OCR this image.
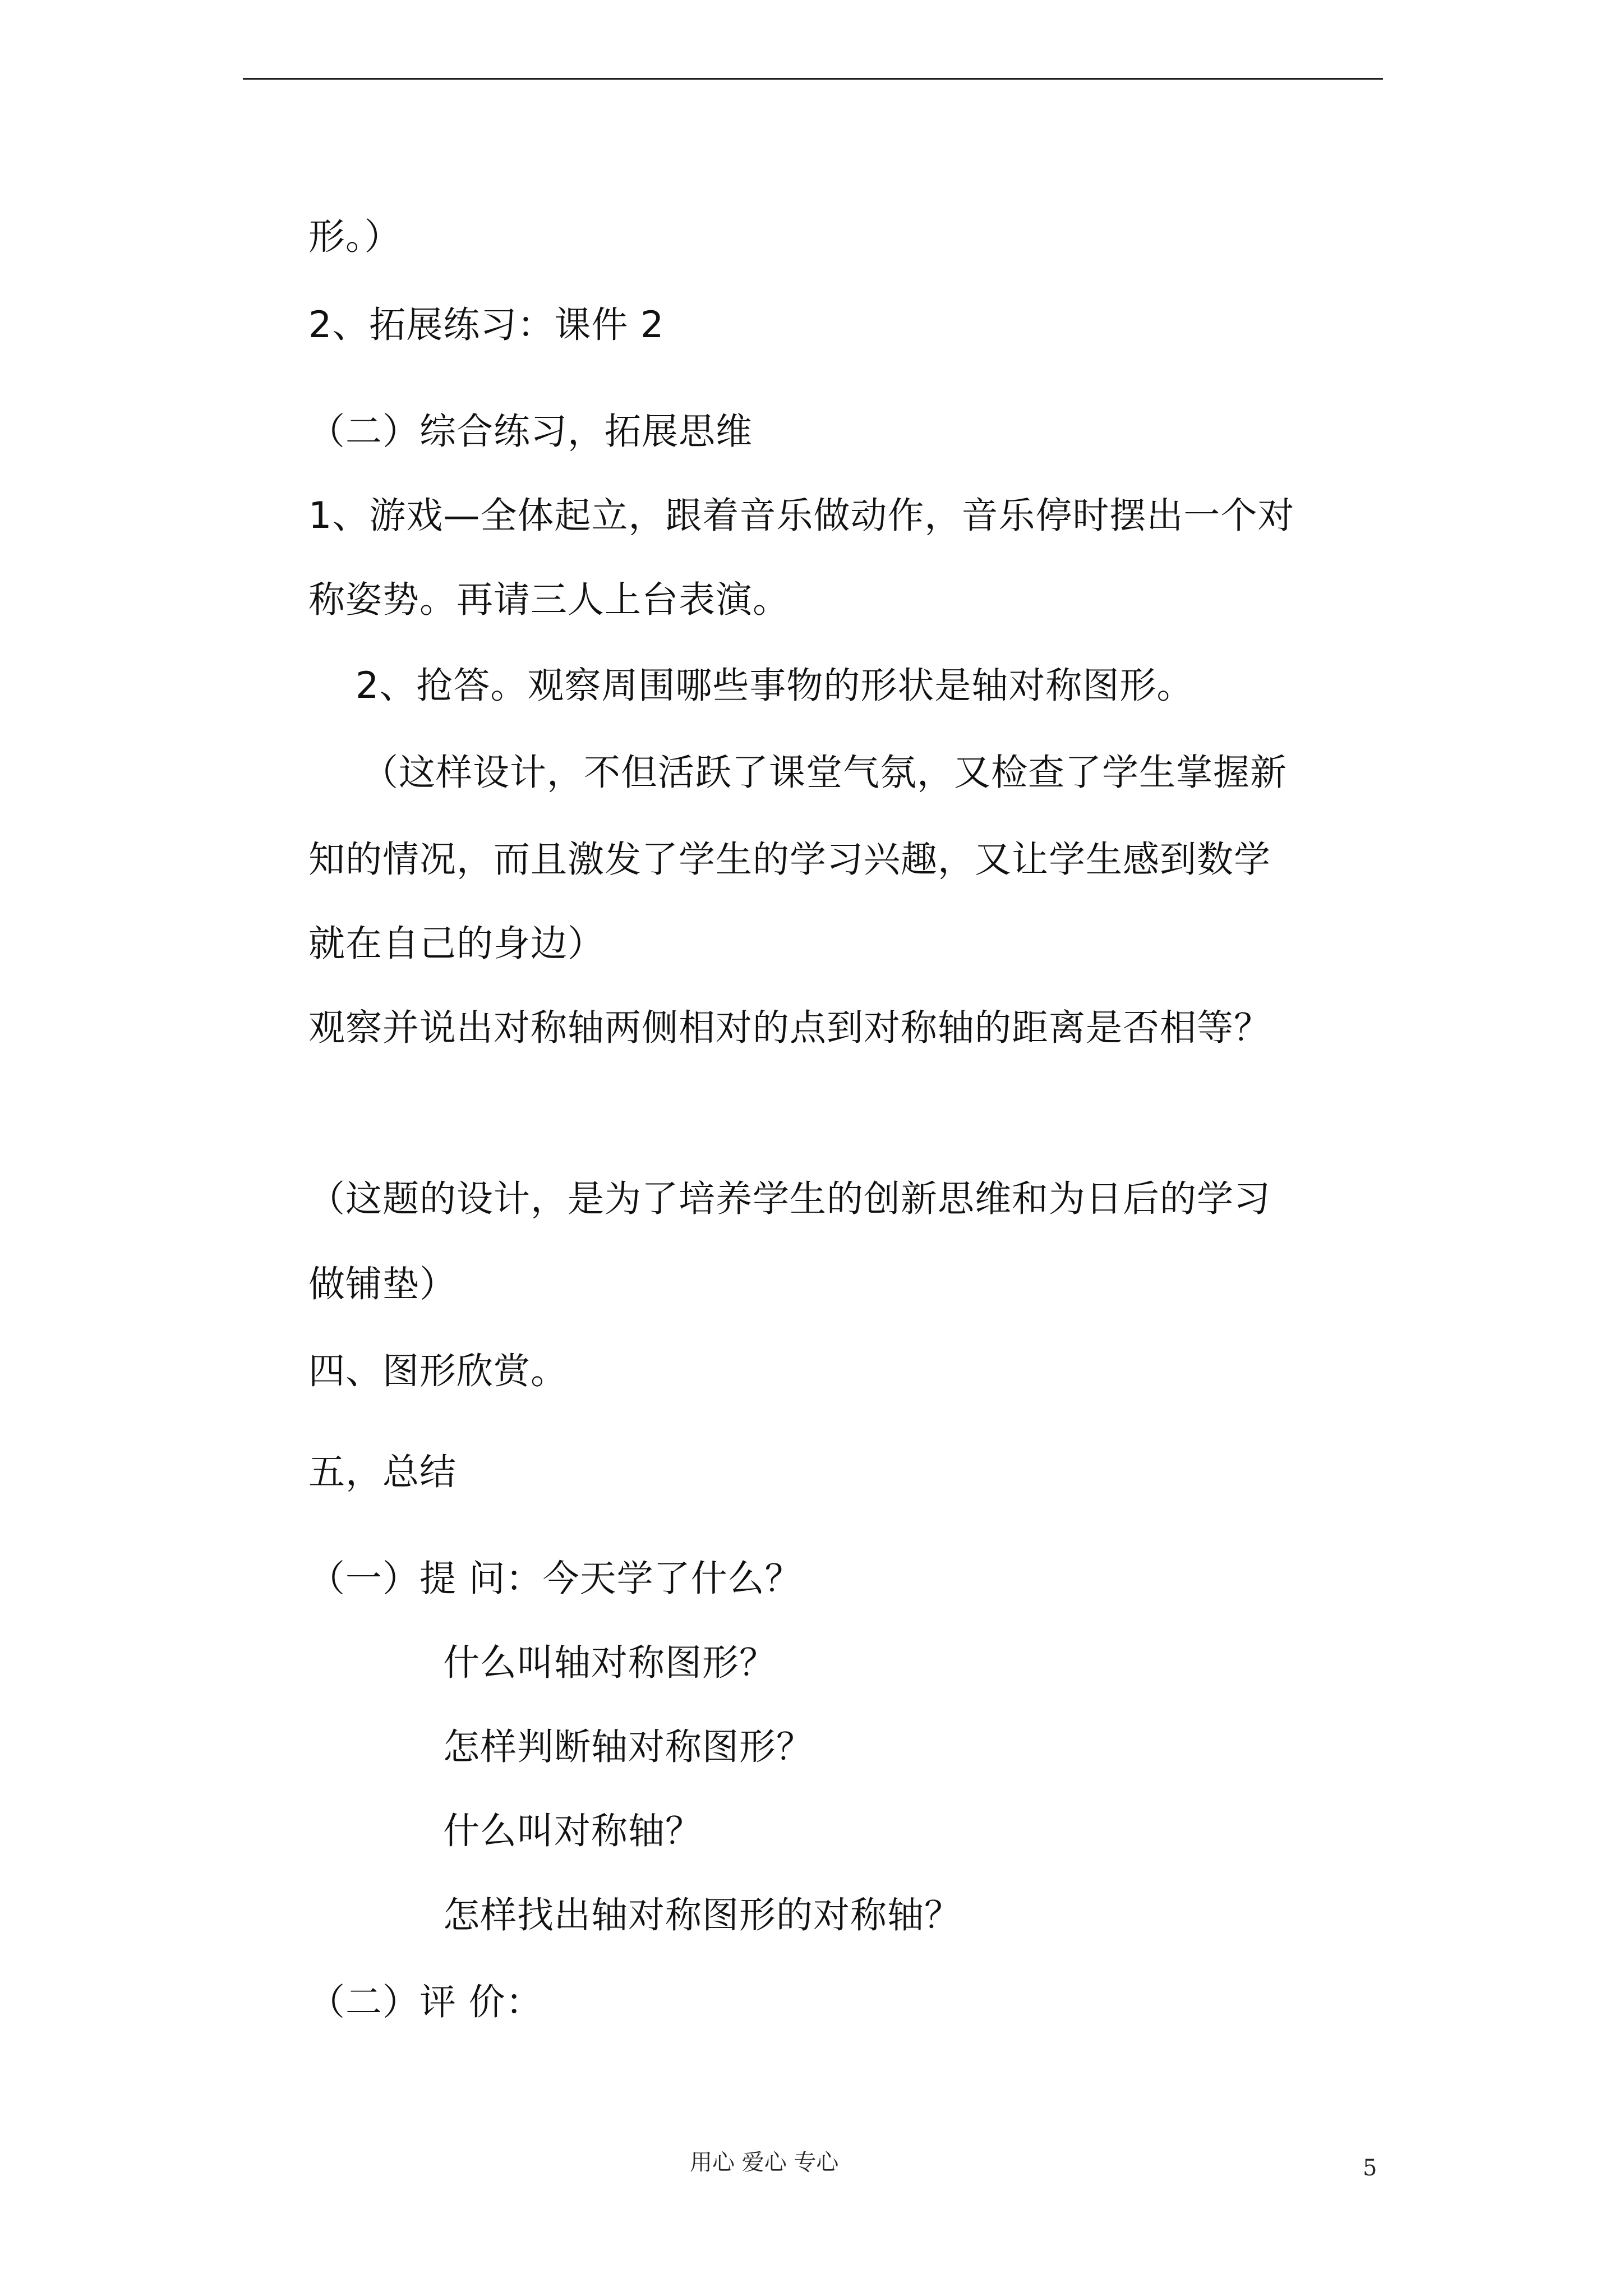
形。）
2、拓展练习：课件 2
（二）综合练习，拓展思维
1、游戏—全体起立，跟着音乐做动作，音乐停时摆出一个对
称姿势。再请三人上台表演。
2、抢答。观察周围哪些事物的形状是轴对称图形。
（这样设计，不但活跃了课堂气氛，又检查了学生掌握新
知的情况，而且激发了学生的学习兴趣，又让学生感到数学
就在自己的身边）
观察并说出对称轴两侧相对的点到对称轴的距离是否相等？
（这题的设计，是为了培养学生的创新思维和为日后的学习
做铺垫）
四、图形欣赏。
五，总结
（一）提 问：今天学了什么？
什么叫轴对称图形？
怎样判断轴对称图形？
什么叫对称轴？
怎样找出轴对称图形的对称轴？
（二）评 价：
用心 爱心 专心	5
